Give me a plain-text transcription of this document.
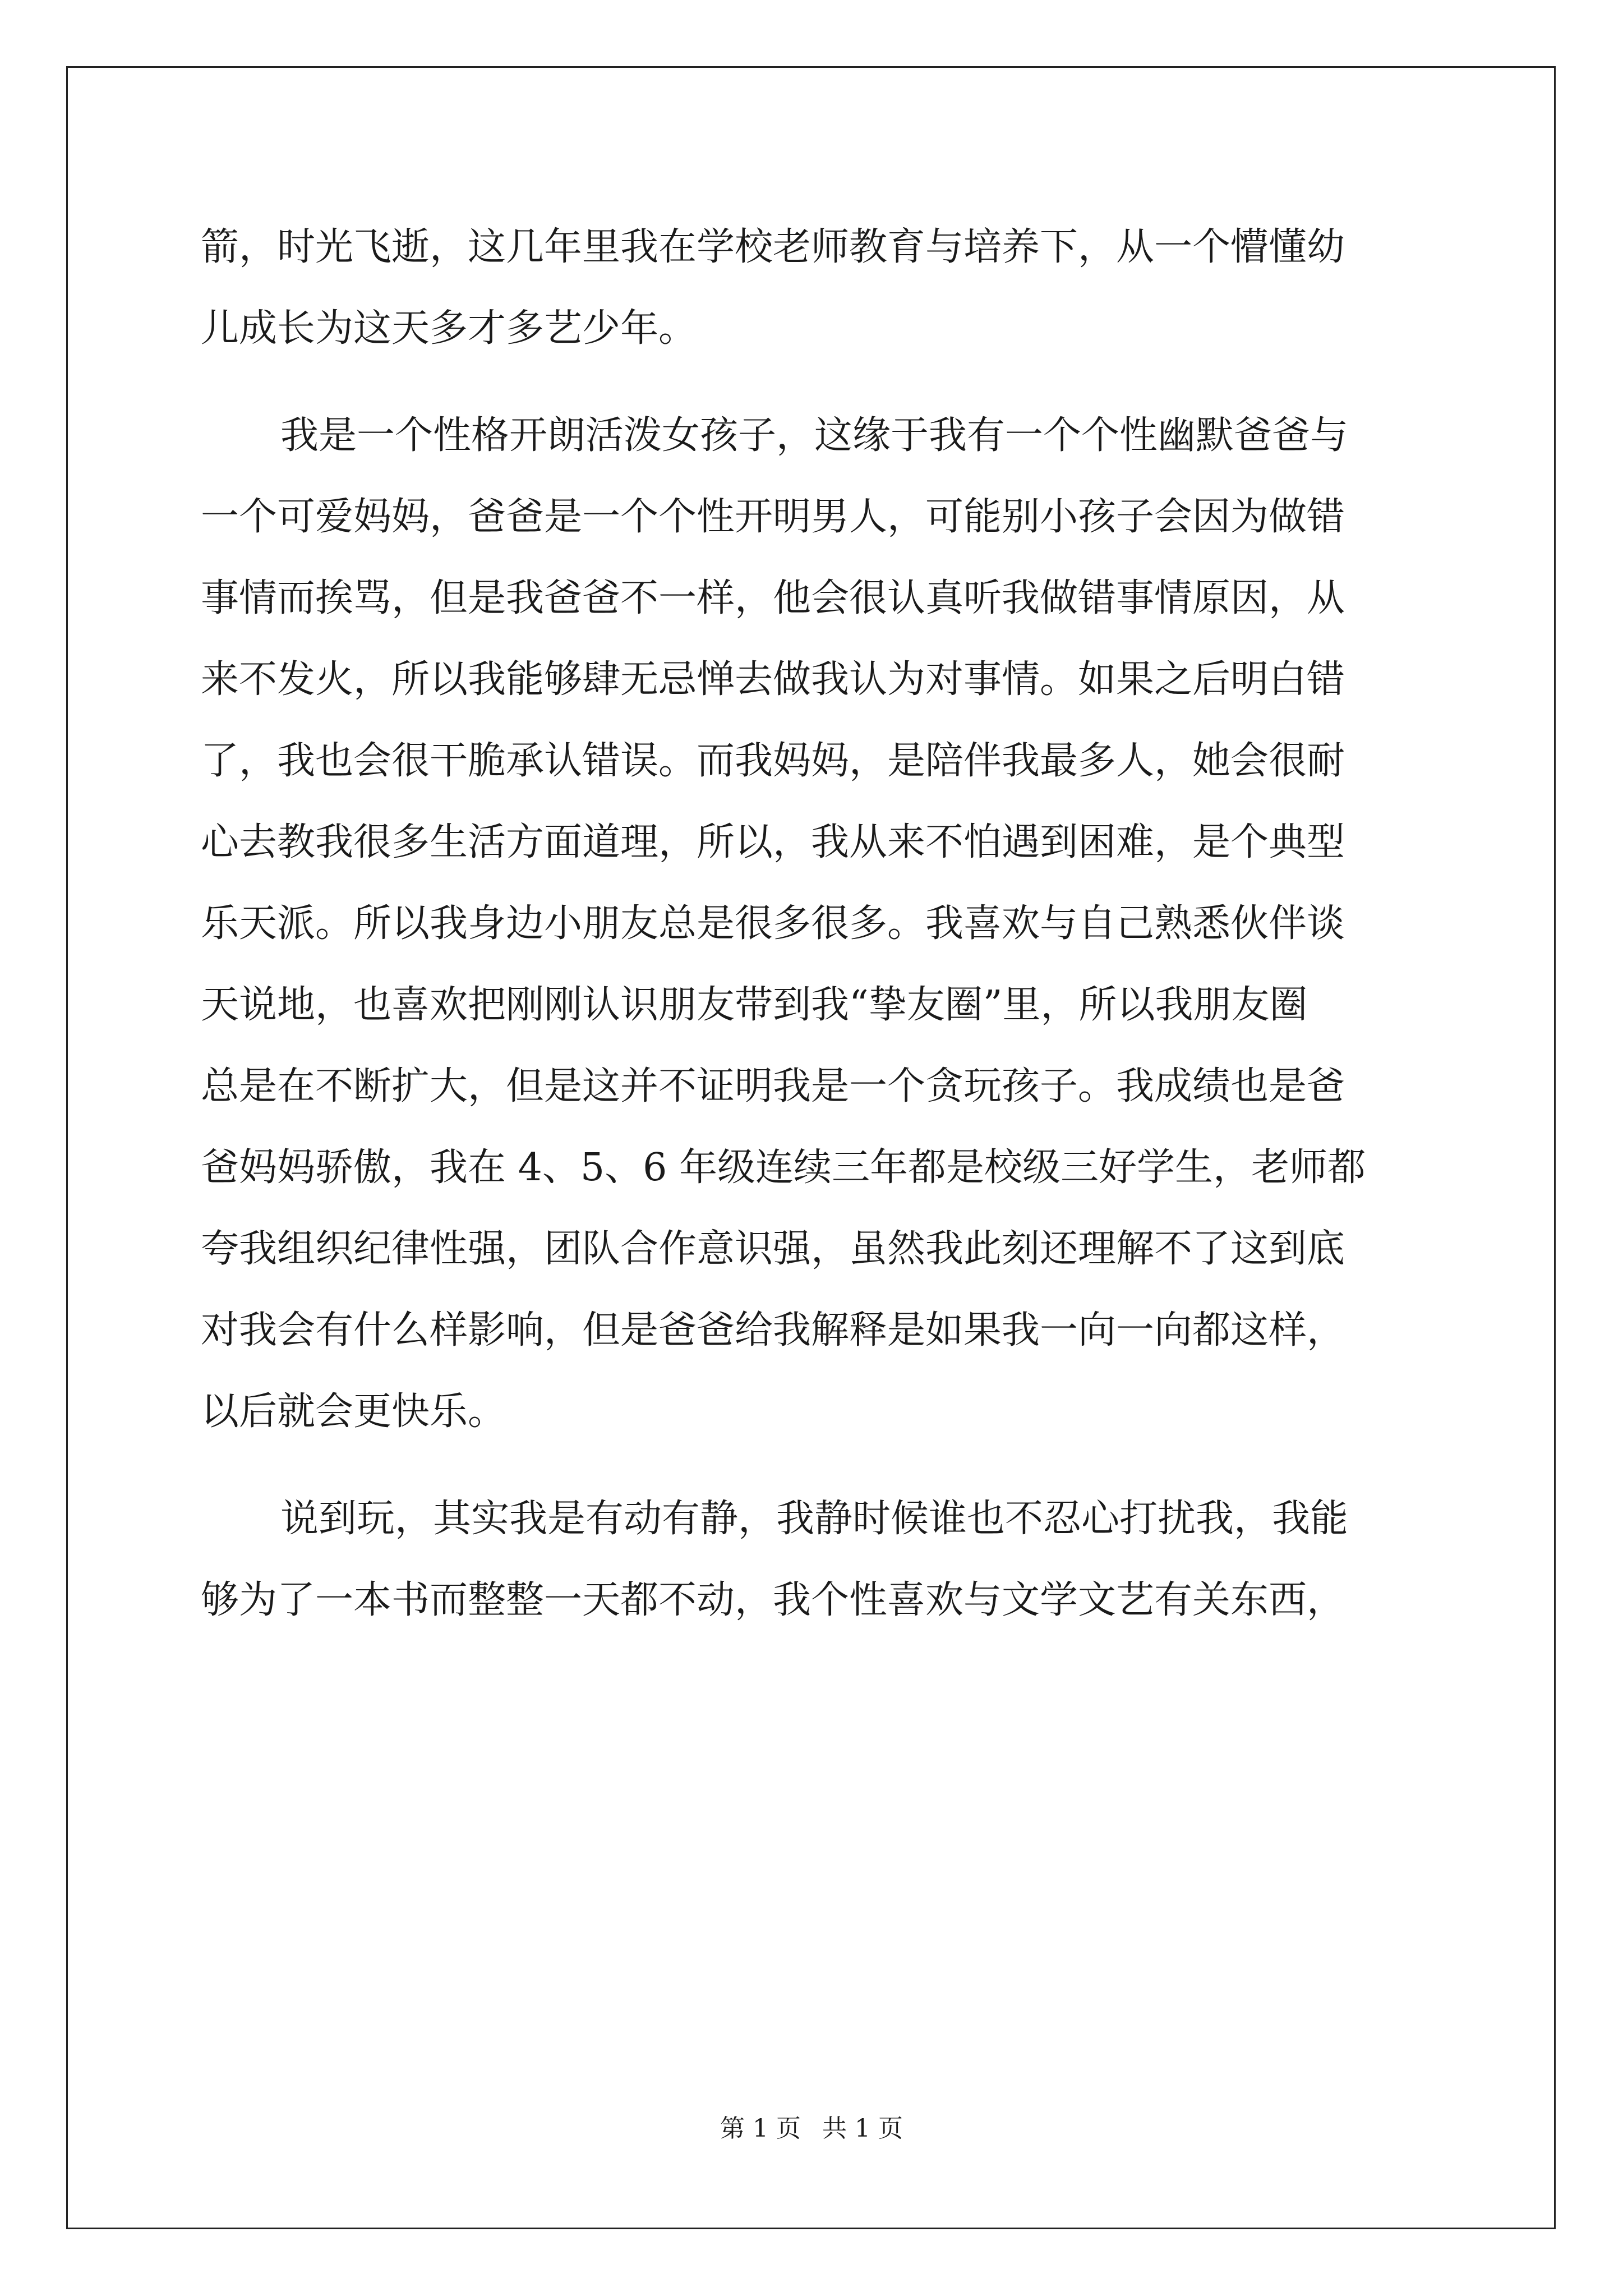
箭，时光飞逝，这几年里我在学校老师教育与培养下，从一个懵懂幼
儿成长为这天多才多艺少年。
我是一个性格开朗活泼女孩子，这缘于我有一个个性幽默爸爸与
一个可爱妈妈，爸爸是一个个性开明男人，可能别小孩子会因为做错
事情而挨骂，但是我爸爸不一样，他会很认真听我做错事情原因，从
来不发火，所以我能够肆无忌惮去做我认为对事情。如果之后明白错
了，我也会很干脆承认错误。而我妈妈，是陪伴我最多人，她会很耐
心去教我很多生活方面道理，所以，我从来不怕遇到困难，是个典型
乐天派。所以我身边小朋友总是很多很多。我喜欢与自己熟悉伙伴谈
天说地，也喜欢把刚刚认识朋友带到我“挚友圈”里，所以我朋友圈
总是在不断扩大，但是这并不证明我是一个贪玩孩子。我成绩也是爸
爸妈妈骄傲，我在 4、5、6 年级连续三年都是校级三好学生，老师都
夸我组织纪律性强，团队合作意识强，虽然我此刻还理解不了这到底
对我会有什么样影响，但是爸爸给我解释是如果我一向一向都这样，
以后就会更快乐。
说到玩，其实我是有动有静，我静时候谁也不忍心打扰我，我能
够为了一本书而整整一天都不动，我个性喜欢与文学文艺有关东西，
第 1 页 共 1 页
